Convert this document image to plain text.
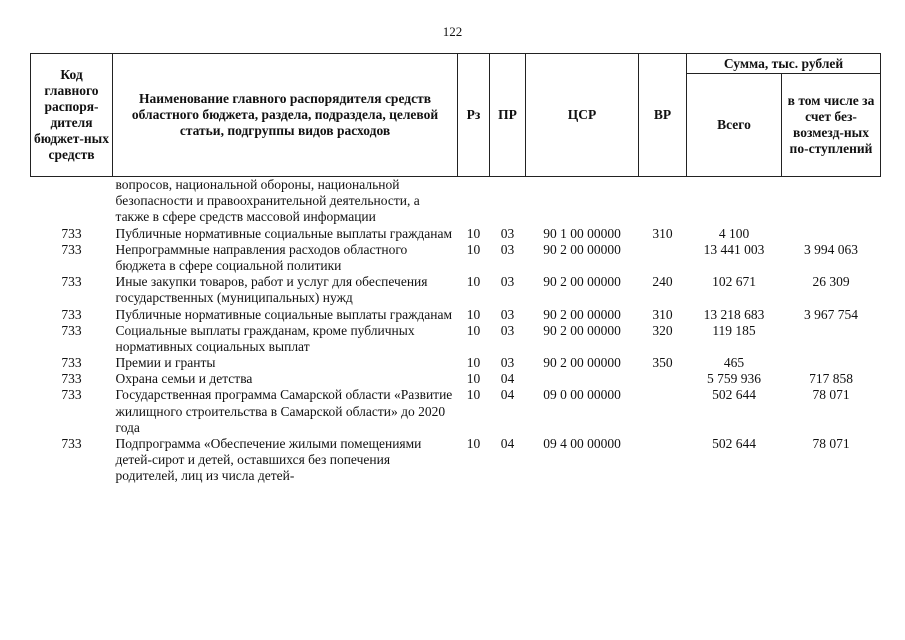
122
Код главного распоря-дителя бюджет-ных средств	Наименование главного распорядителя средств областного бюджета, раздела, подраздела, целевой статьи, подгруппы видов расходов	Рз	ПР	ЦСР	ВР	Сумма, тыс. рублей	
						Всего	в том числе за счет без-возмезд-ных по-ступлений
	вопросов, национальной обороны, национальной безопасности и правоохранительной деятельности, а также в сфере средств массовой информации						
733	Публичные нормативные социальные выплаты гражданам	10	03	90 1 00 00000	310	4 100	
733	Непрограммные направления расходов областного бюджета в сфере социальной политики	10	03	90 2 00 00000		13 441 003	3 994 063
733	Иные закупки товаров, работ и услуг для обеспечения государственных (муниципальных) нужд	10	03	90 2 00 00000	240	102 671	26 309
733	Публичные нормативные социальные выплаты гражданам	10	03	90 2 00 00000	310	13 218 683	3 967 754
733	Социальные выплаты гражданам, кроме публичных нормативных социальных выплат	10	03	90 2 00 00000	320	119 185	
733	Премии и гранты	10	03	90 2 00 00000	350	465	
733	Охрана семьи и детства	10	04			5 759 936	717 858
733	Государственная программа Самарской области «Развитие жилищного строительства в Самарской области» до 2020 года	10	04	09 0 00 00000		502 644	78 071
733	Подпрограмма «Обеспечение жилыми помещениями детей-сирот и детей, оставшихся без попечения родителей, лиц из числа детей-	10	04	09 4 00 00000		502 644	78 071
